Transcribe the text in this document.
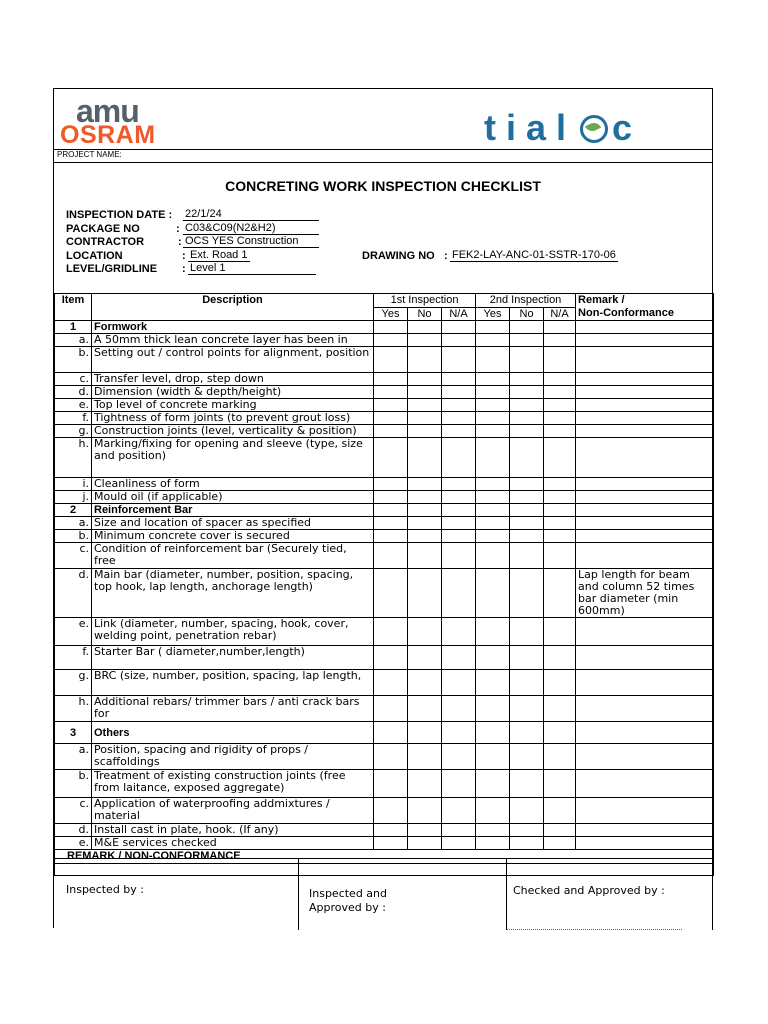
amu
OSRAM	tial c
PROJECT NAME:
CONCRETING WORK INSPECTION CHECKLIST
INSPECTION DATE : 22/1/24
PACKAGE NO	: C03&C09(N2&H2)
CONTRACTOR	: OCS YES Construction
LOCATION	: Ext. Road 1
LEVEL/GRIDLINE : Level 1
DRAWING NO : FEK2-LAY-ANC-01-SSTR-170-06
Item	Description	1st Inspection			2nd Inspection			Remark /
Non-Conformance

		Yes	No	N/A	Yes	No	N/A	
1	Formwork							
a.	A 50mm thick lean concrete layer has been in							
b.	Setting out / control points for alignment, position							
c.	Transfer level, drop, step down							
d.	Dimension (width & depth/height)							
e.	Top level of concrete marking							
f.	Tightness of form joints (to prevent grout loss)							
g.	Construction joints (level, verticality & position)							
h.	Marking/fixing for opening and sleeve (type, size and position)							
i.	Cleanliness of form							
j.	Mould oil (if applicable)							
2	Reinforcement Bar							
a.	Size and location of spacer as specified							
b.	Minimum concrete cover is secured							
c.	Condition of reinforcement bar (Securely tied, free							
d.	Main bar (diameter, number, position, spacing, top hook, lap length, anchorage length)							Lap length for beam and column 52 times bar diameter (min 600mm)
e.	Link (diameter, number, spacing, hook, cover, welding point, penetration rebar)							
f.	Starter Bar ( diameter,number,length)							
g.	BRC (size, number, position, spacing, lap length,							
h.	Additional rebars/ trimmer bars / anti crack bars for							
3	Others							
a.	Position, spacing and rigidity of props / scaffoldings							
b.	Treatment of existing construction joints (free from laitance, exposed aggregate)							
c.	Application of waterproofing addmixtures / material							
d.	Install cast in plate, hook. (If any)							
e.	M&E services checked							
REMARK / NON-CONFORMANCE								

Inspected by :	Inspected and
Approved by :
Checked and Approved by :
